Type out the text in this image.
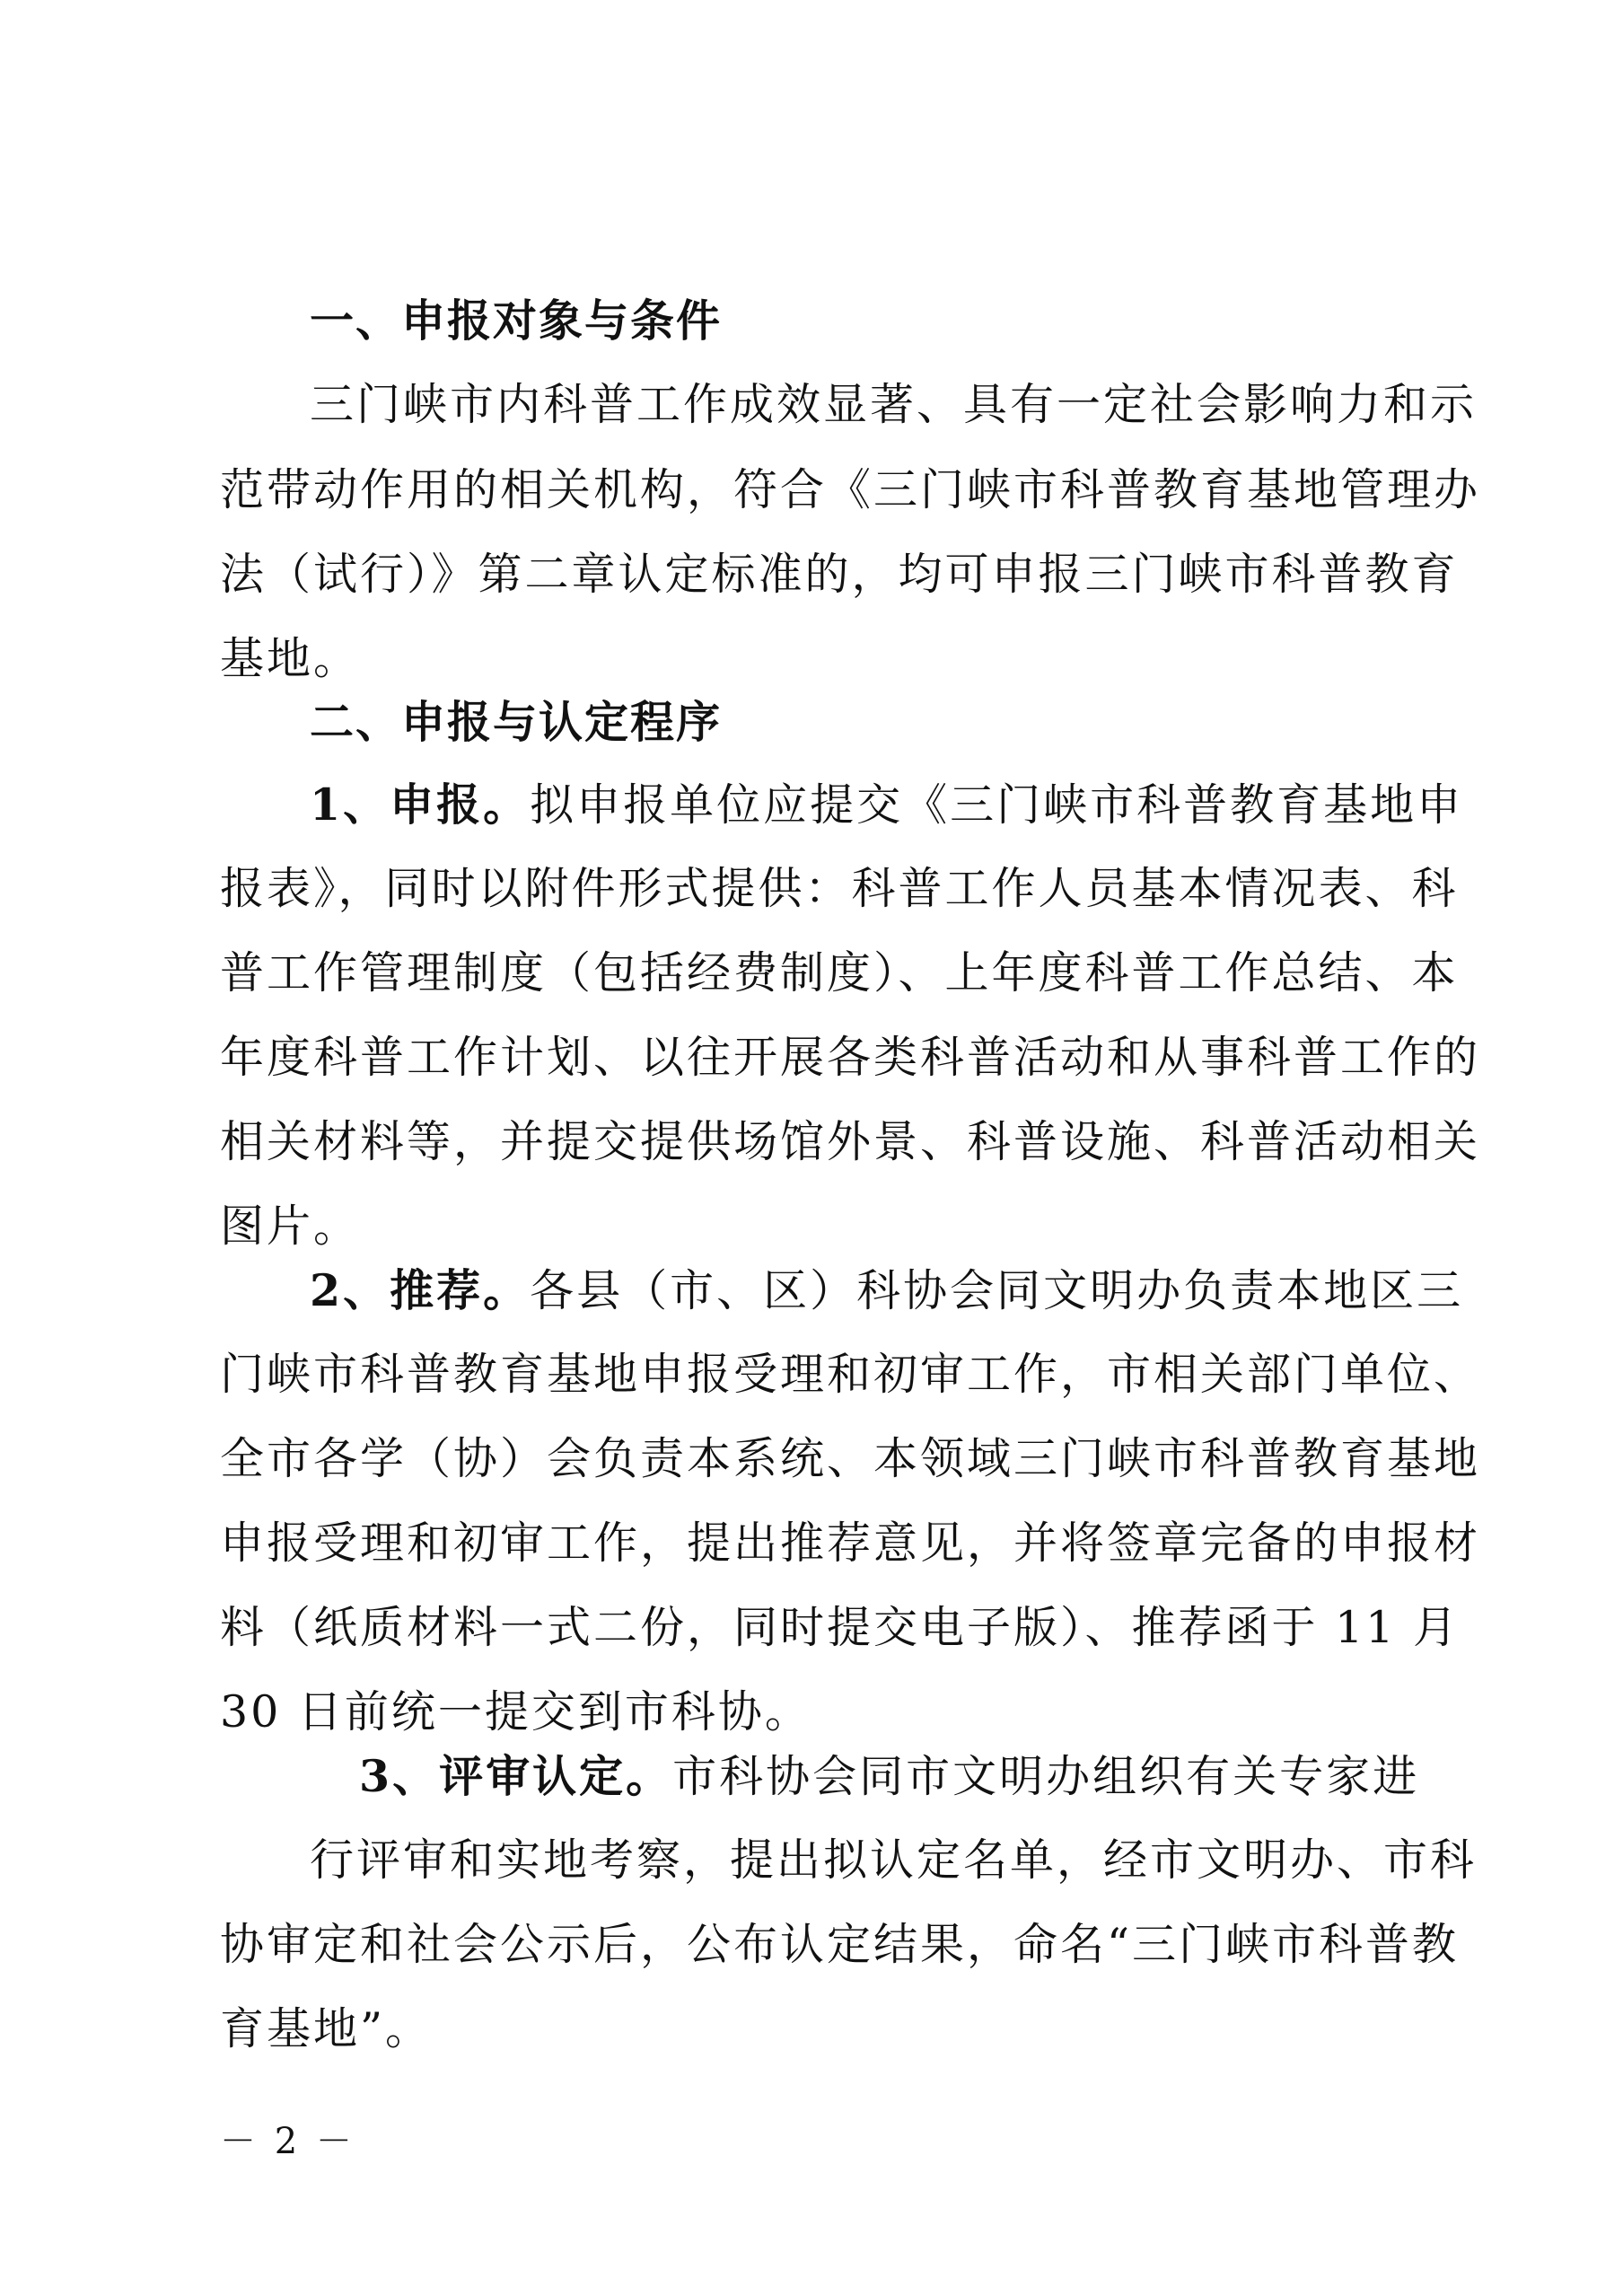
一、申报对象与条件
三门峡市内科普工作成效显著、具有一定社会影响力和示
范带动作用的相关机构，符合《三门峡市科普教育基地管理办
法（试行）》第二章认定标准的，均可申报三门峡市科普教育
基地。
二、申报与认定程序
1、申报。拟申报单位应提交《三门峡市科普教育基地申
报表》，同时以附件形式提供：科普工作人员基本情况表、科
普工作管理制度（包括经费制度）、上年度科普工作总结、本
年度科普工作计划、以往开展各类科普活动和从事科普工作的
相关材料等，并提交提供场馆外景、科普设施、科普活动相关
图片。
2、推荐。各县（市、区）科协会同文明办负责本地区三
门峡市科普教育基地申报受理和初审工作，市相关部门单位、
全市各学（协）会负责本系统、本领域三门峡市科普教育基地
申报受理和初审工作，提出推荐意见，并将签章完备的申报材
料（纸质材料一式二份，同时提交电子版）、推荐函于 11 月
30 日前统一提交到市科协。
3、评审认定。市科协会同市文明办组织有关专家进
行评审和实地考察，提出拟认定名单，经市文明办、市科
协审定和社会公示后，公布认定结果，命名“三门峡市科普教
育基地”。
－ 2 －
